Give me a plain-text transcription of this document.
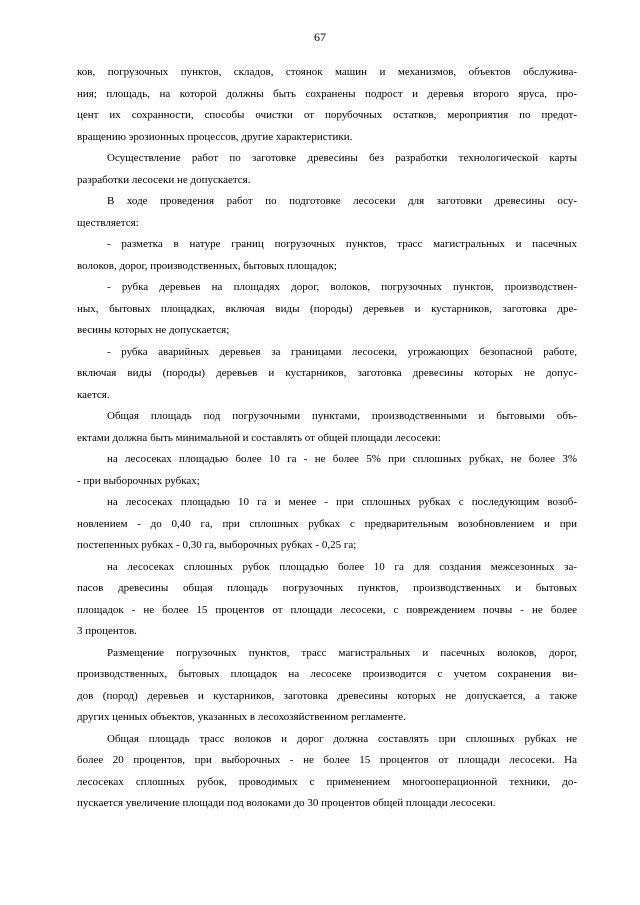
67
ков, погрузочных пунктов, складов, стоянок машин и механизмов, объектов обслужива-
ния; площадь, на которой должны быть сохранены подрост и деревья второго яруса, про-
цент их сохранности, способы очистки от порубочных остатков, мероприятия по предот-
вращению эрозионных процессов, другие характеристики.
Осуществление работ по заготовке древесины без разработки технологической карты
разработки лесосеки не допускается.
В ходе проведения работ по подготовке лесосеки для заготовки древесины осу-
ществляется:
- разметка в натуре границ погрузочных пунктов, трасс магистральных и пасечных
волоков, дорог, производственных, бытовых площадок;
- рубка деревьев на площадях дорог, волоков, погрузочных пунктов, производствен-
ных, бытовых площадках, включая виды (породы) деревьев и кустарников, заготовка дре-
весины которых не допускается;
- рубка аварийных деревьев за границами лесосеки, угрожающих безопасной работе,
включая виды (породы) деревьев и кустарников, заготовка древесины которых не допус-
кается.
Общая площадь под погрузочными пунктами, производственными и бытовыми объ-
ектами должна быть минимальной и составлять от общей площади лесосеки:
на лесосеках площадью более 10 га - не более 5% при сплошных рубках, не более 3%
- при выборочных рубках;
на лесосеках площадью 10 га и менее - при сплошных рубках с последующим возоб-
новлением - до 0,40 га, при сплошных рубках с предварительным возобновлением и при
постепенных рубках - 0,30 га, выборочных рубках - 0,25 га;
на лесосеках сплошных рубок площадью более 10 га для создания межсезонных за-
пасов древесины общая площадь погрузочных пунктов, производственных и бытовых
площадок - не более 15 процентов от площади лесосеки, с повреждением почвы - не более
3 процентов.
Размещение погрузочных пунктов, трасс магистральных и пасечных волоков, дорог,
производственных, бытовых площадок на лесосеке производится с учетом сохранения ви-
дов (пород) деревьев и кустарников, заготовка древесины которых не допускается, а также
других ценных объектов, указанных в лесохозяйственном регламенте.
Общая площадь трасс волоков и дорог должна составлять при сплошных рубках не
более 20 процентов, при выборочных - не более 15 процентов от площади лесосеки. На
лесосеках сплошных рубок, проводимых с применением многооперационной техники, до-
пускается увеличение площади под волоками до 30 процентов общей площади лесосеки.
